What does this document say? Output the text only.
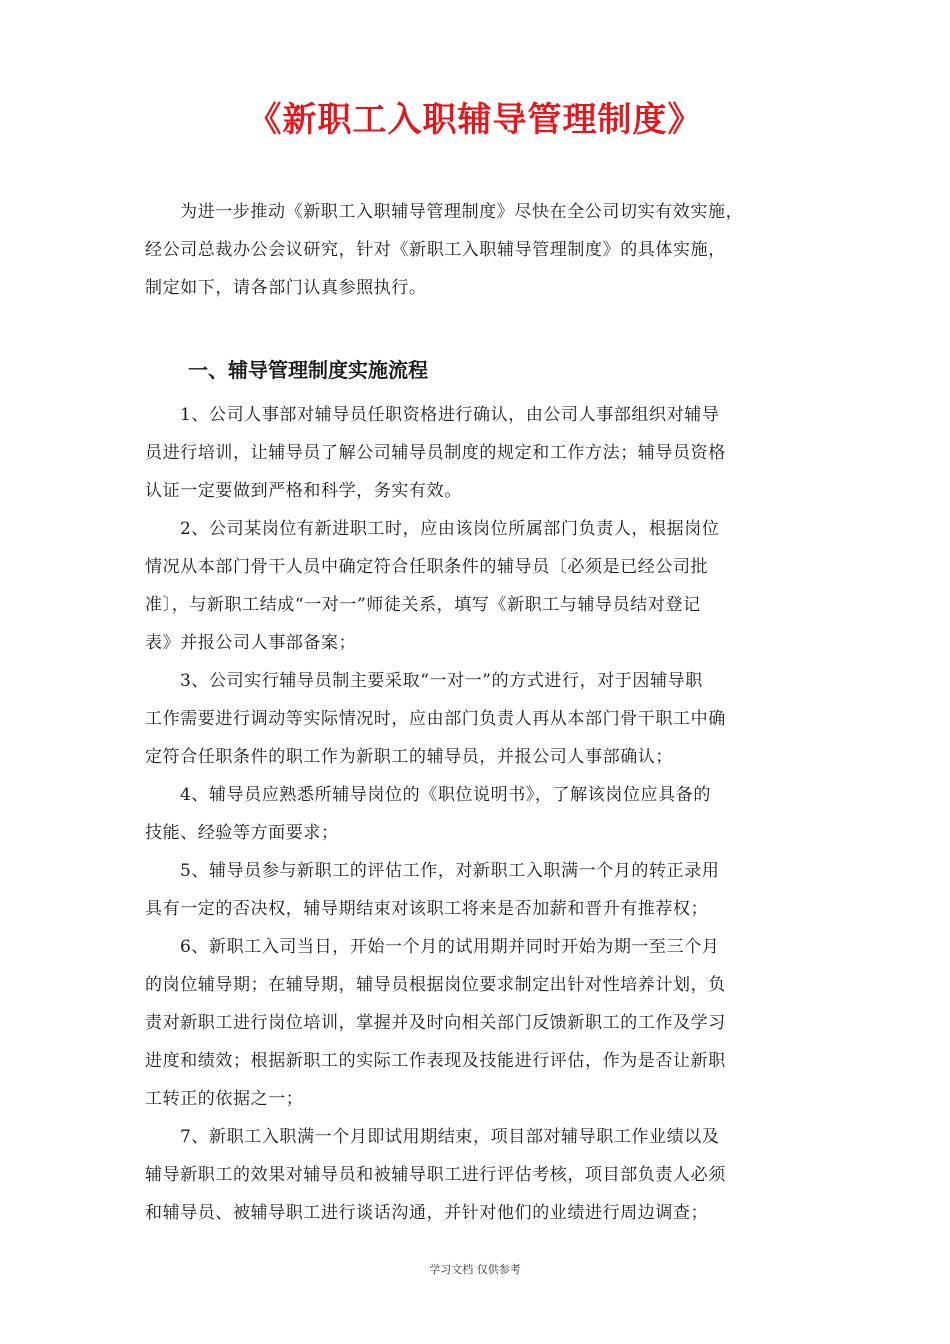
《新职工入职辅导管理制度》
为进一步推动《新职工入职辅导管理制度》尽快在全公司切实有效实施，
经公司总裁办公会议研究，针对《新职工入职辅导管理制度》的具体实施，
制定如下，请各部门认真参照执行。
一、辅导管理制度实施流程
1、公司人事部对辅导员任职资格进行确认，由公司人事部组织对辅导
员进行培训，让辅导员了解公司辅导员制度的规定和工作方法；辅导员资格
认证一定要做到严格和科学，务实有效。
2、公司某岗位有新进职工时，应由该岗位所属部门负责人，根据岗位
情况从本部门骨干人员中确定符合任职条件的辅导员〔必须是已经公司批
准〕，与新职工结成“一对一”师徒关系，填写《新职工与辅导员结对登记
表》并报公司人事部备案；
3、公司实行辅导员制主要采取“一对一”的方式进行，对于因辅导职
工作需要进行调动等实际情况时，应由部门负责人再从本部门骨干职工中确
定符合任职条件的职工作为新职工的辅导员，并报公司人事部确认；
4、辅导员应熟悉所辅导岗位的《职位说明书》，了解该岗位应具备的
技能、经验等方面要求；
5、辅导员参与新职工的评估工作，对新职工入职满一个月的转正录用
具有一定的否决权，辅导期结束对该职工将来是否加薪和晋升有推荐权；
6、新职工入司当日，开始一个月的试用期并同时开始为期一至三个月
的岗位辅导期；在辅导期，辅导员根据岗位要求制定出针对性培养计划，负
责对新职工进行岗位培训，掌握并及时向相关部门反馈新职工的工作及学习
进度和绩效；根据新职工的实际工作表现及技能进行评估，作为是否让新职
工转正的依据之一；
7、新职工入职满一个月即试用期结束，项目部对辅导职工作业绩以及
辅导新职工的效果对辅导员和被辅导职工进行评估考核，项目部负责人必须
和辅导员、被辅导职工进行谈话沟通，并针对他们的业绩进行周边调查；
学习文档 仅供参考
